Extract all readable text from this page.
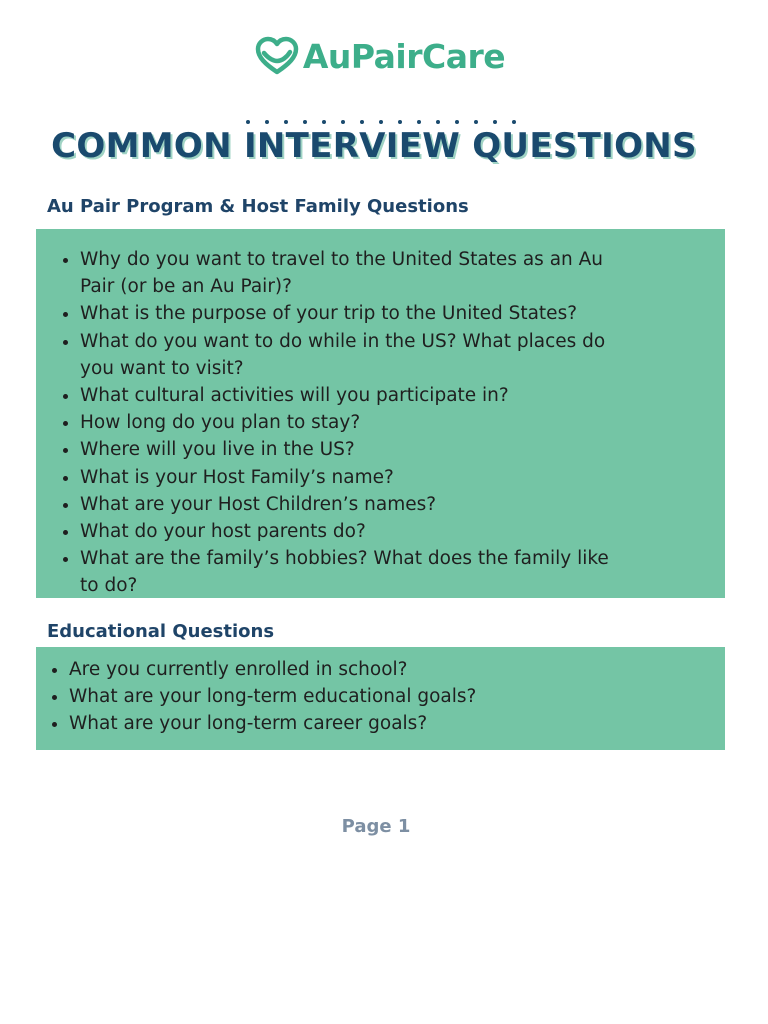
AuPairCare
COMMON INTERVIEW QUESTIONS
Au Pair Program & Host Family Questions
Why do you want to travel to the United States as an Au Pair (or be an Au Pair)?
What is the purpose of your trip to the United States?
What do you want to do while in the US? What places do you want to visit?
What cultural activities will you participate in?
How long do you plan to stay?
Where will you live in the US?
What is your Host Family’s name?
What are your Host Children’s names?
What do your host parents do?
What are the family’s hobbies? What does the family like to do?
Educational Questions
Are you currently enrolled in school?
What are your long-term educational goals?
What are your long-term career goals?
Page 1
